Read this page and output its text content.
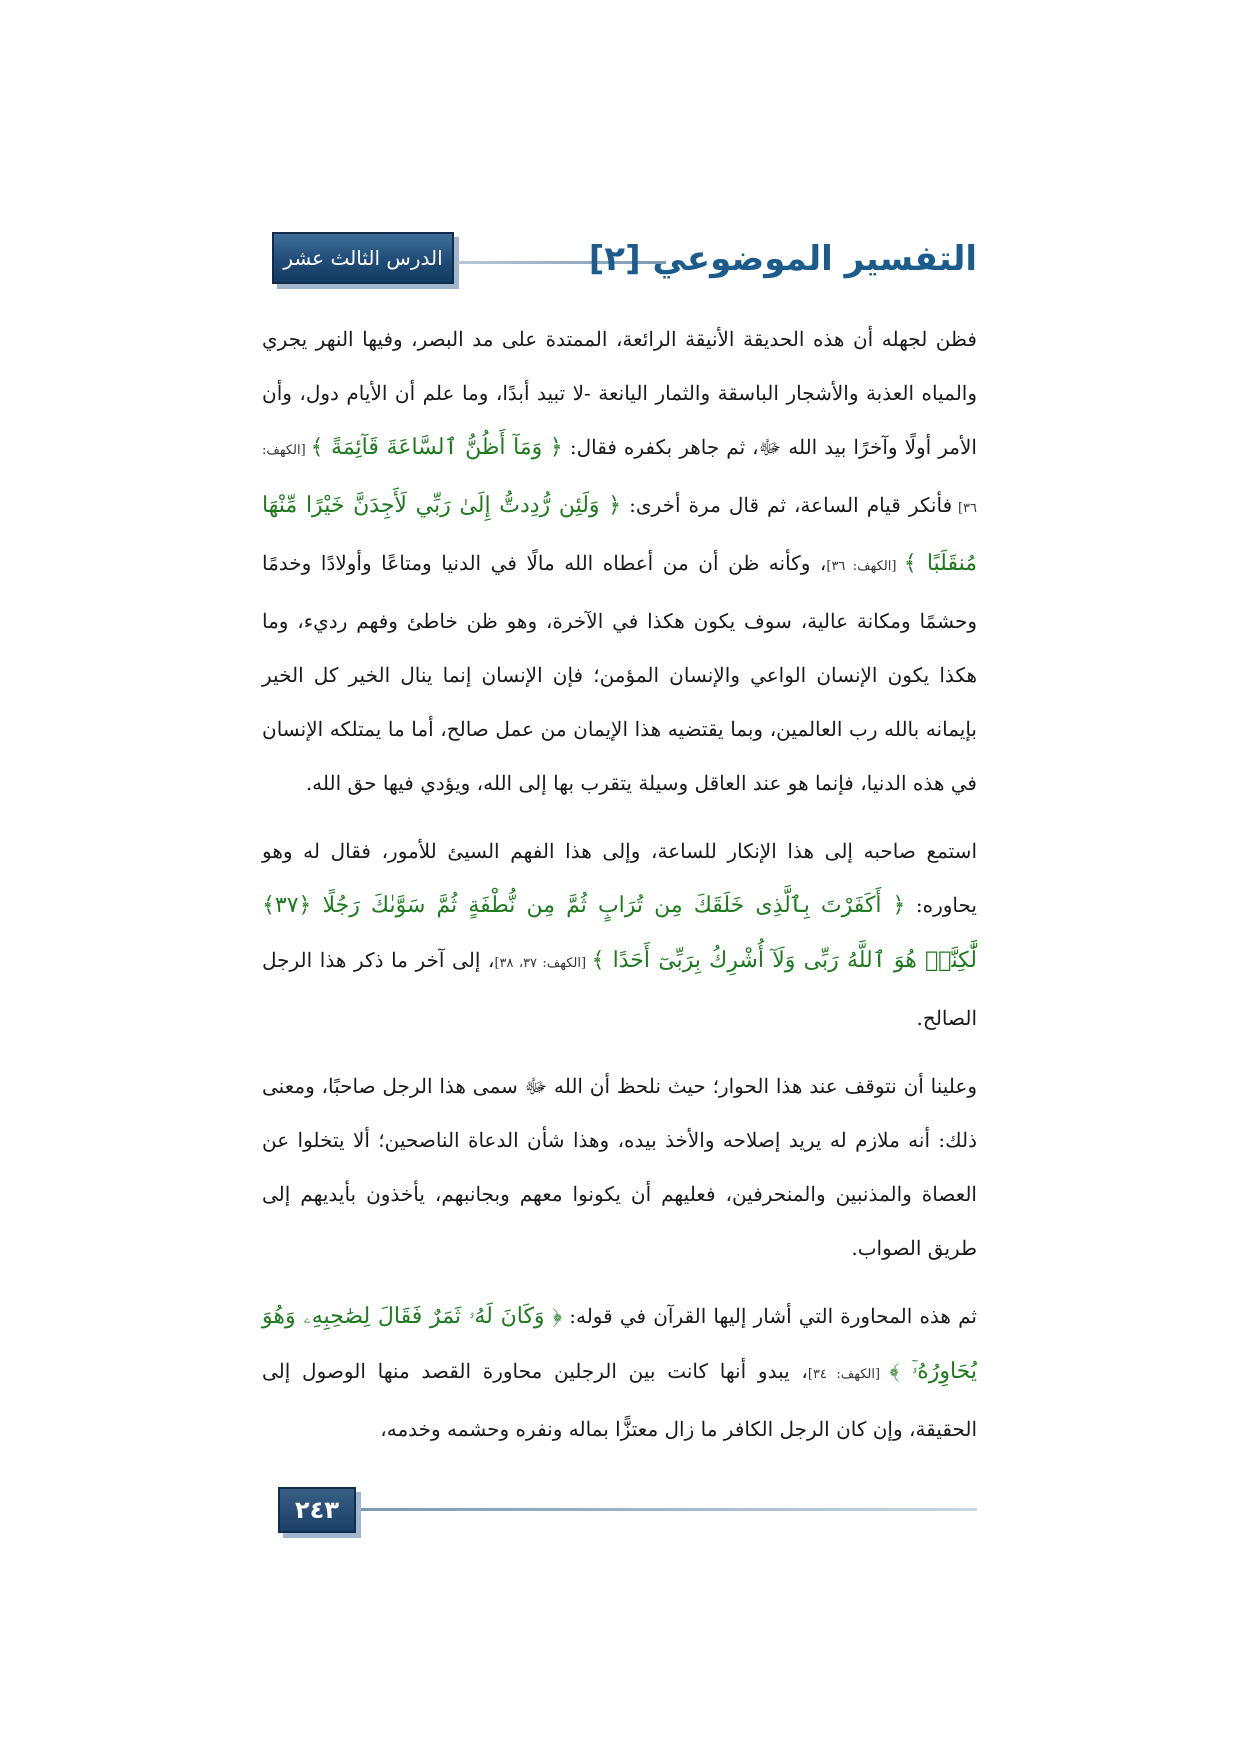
الدرس الثالث عشر	التفسير الموضوعي [٢]

فظن لجهله أن هذه الحديقة الأنيقة الرائعة، الممتدة على مد البصر، وفيها النهر يجري والمياه العذبة والأشجار الباسقة والثمار اليانعة -لا تبيد أبدًا، وما علم أن الأيام دول، وأن الأمر أولًا وآخرًا بيد الله ﷻ، ثم جاهر بكفره فقال: ﴿ وَمَآ أَظُنُّ ٱلسَّاعَةَ قَآئِمَةً ﴾ [الكهف: ٣٦] فأنكر قيام الساعة، ثم قال مرة أخرى: ﴿ وَلَئِن رُّدِدتُّ إِلَىٰ رَبِّي لَأَجِدَنَّ خَيْرًا مِّنْهَا مُنقَلَبًا ﴾ [الكهف: ٣٦]، وكأنه ظن أن من أعطاه الله مالًا في الدنيا ومتاعًا وأولادًا وخدمًا وحشمًا ومكانة عالية، سوف يكون هكذا في الآخرة، وهو ظن خاطئ وفهم رديء، وما هكذا يكون الإنسان الواعي والإنسان المؤمن؛ فإن الإنسان إنما ينال الخير كل الخير بإيمانه بالله رب العالمين، وبما يقتضيه هذا الإيمان من عمل صالح، أما ما يمتلكه الإنسان في هذه الدنيا، فإنما هو عند العاقل وسيلة يتقرب بها إلى الله، ويؤدي فيها حق الله.

استمع صاحبه إلى هذا الإنكار للساعة، وإلى هذا الفهم السيئ للأمور، فقال له وهو يحاوره: ﴿ أَكَفَرْتَ بِٱلَّذِى خَلَقَكَ مِن تُرَابٍ ثُمَّ مِن نُّطْفَةٍ ثُمَّ سَوَّىٰكَ رَجُلًا ﴿٣٧﴾ لَّٰكِنَّا۠ هُوَ ٱللَّهُ رَبِّى وَلَآ أُشْرِكُ بِرَبِّىٓ أَحَدًا ﴾ [الكهف: ٣٧، ٣٨]، إلى آخر ما ذكر هذا الرجل الصالح.

وعلينا أن نتوقف عند هذا الحوار؛ حيث نلحظ أن الله ﷻ سمى هذا الرجل صاحبًا، ومعنى ذلك: أنه ملازم له يريد إصلاحه والأخذ بيده، وهذا شأن الدعاة الناصحين؛ ألا يتخلوا عن العصاة والمذنبين والمنحرفين، فعليهم أن يكونوا معهم وبجانبهم، يأخذون بأيديهم إلى طريق الصواب.

ثم هذه المحاورة التي أشار إليها القرآن في قوله: ﴿ وَكَانَ لَهُۥ ثَمَرٌ فَقَالَ لِصَٰحِبِهِۦ وَهُوَ يُحَاوِرُهُۥٓ ﴾ [الكهف: ٣٤]، يبدو أنها كانت بين الرجلين محاورة القصد منها الوصول إلى الحقيقة، وإن كان الرجل الكافر ما زال معتزًّا بماله ونفره وحشمه وخدمه،

٢٤٣
